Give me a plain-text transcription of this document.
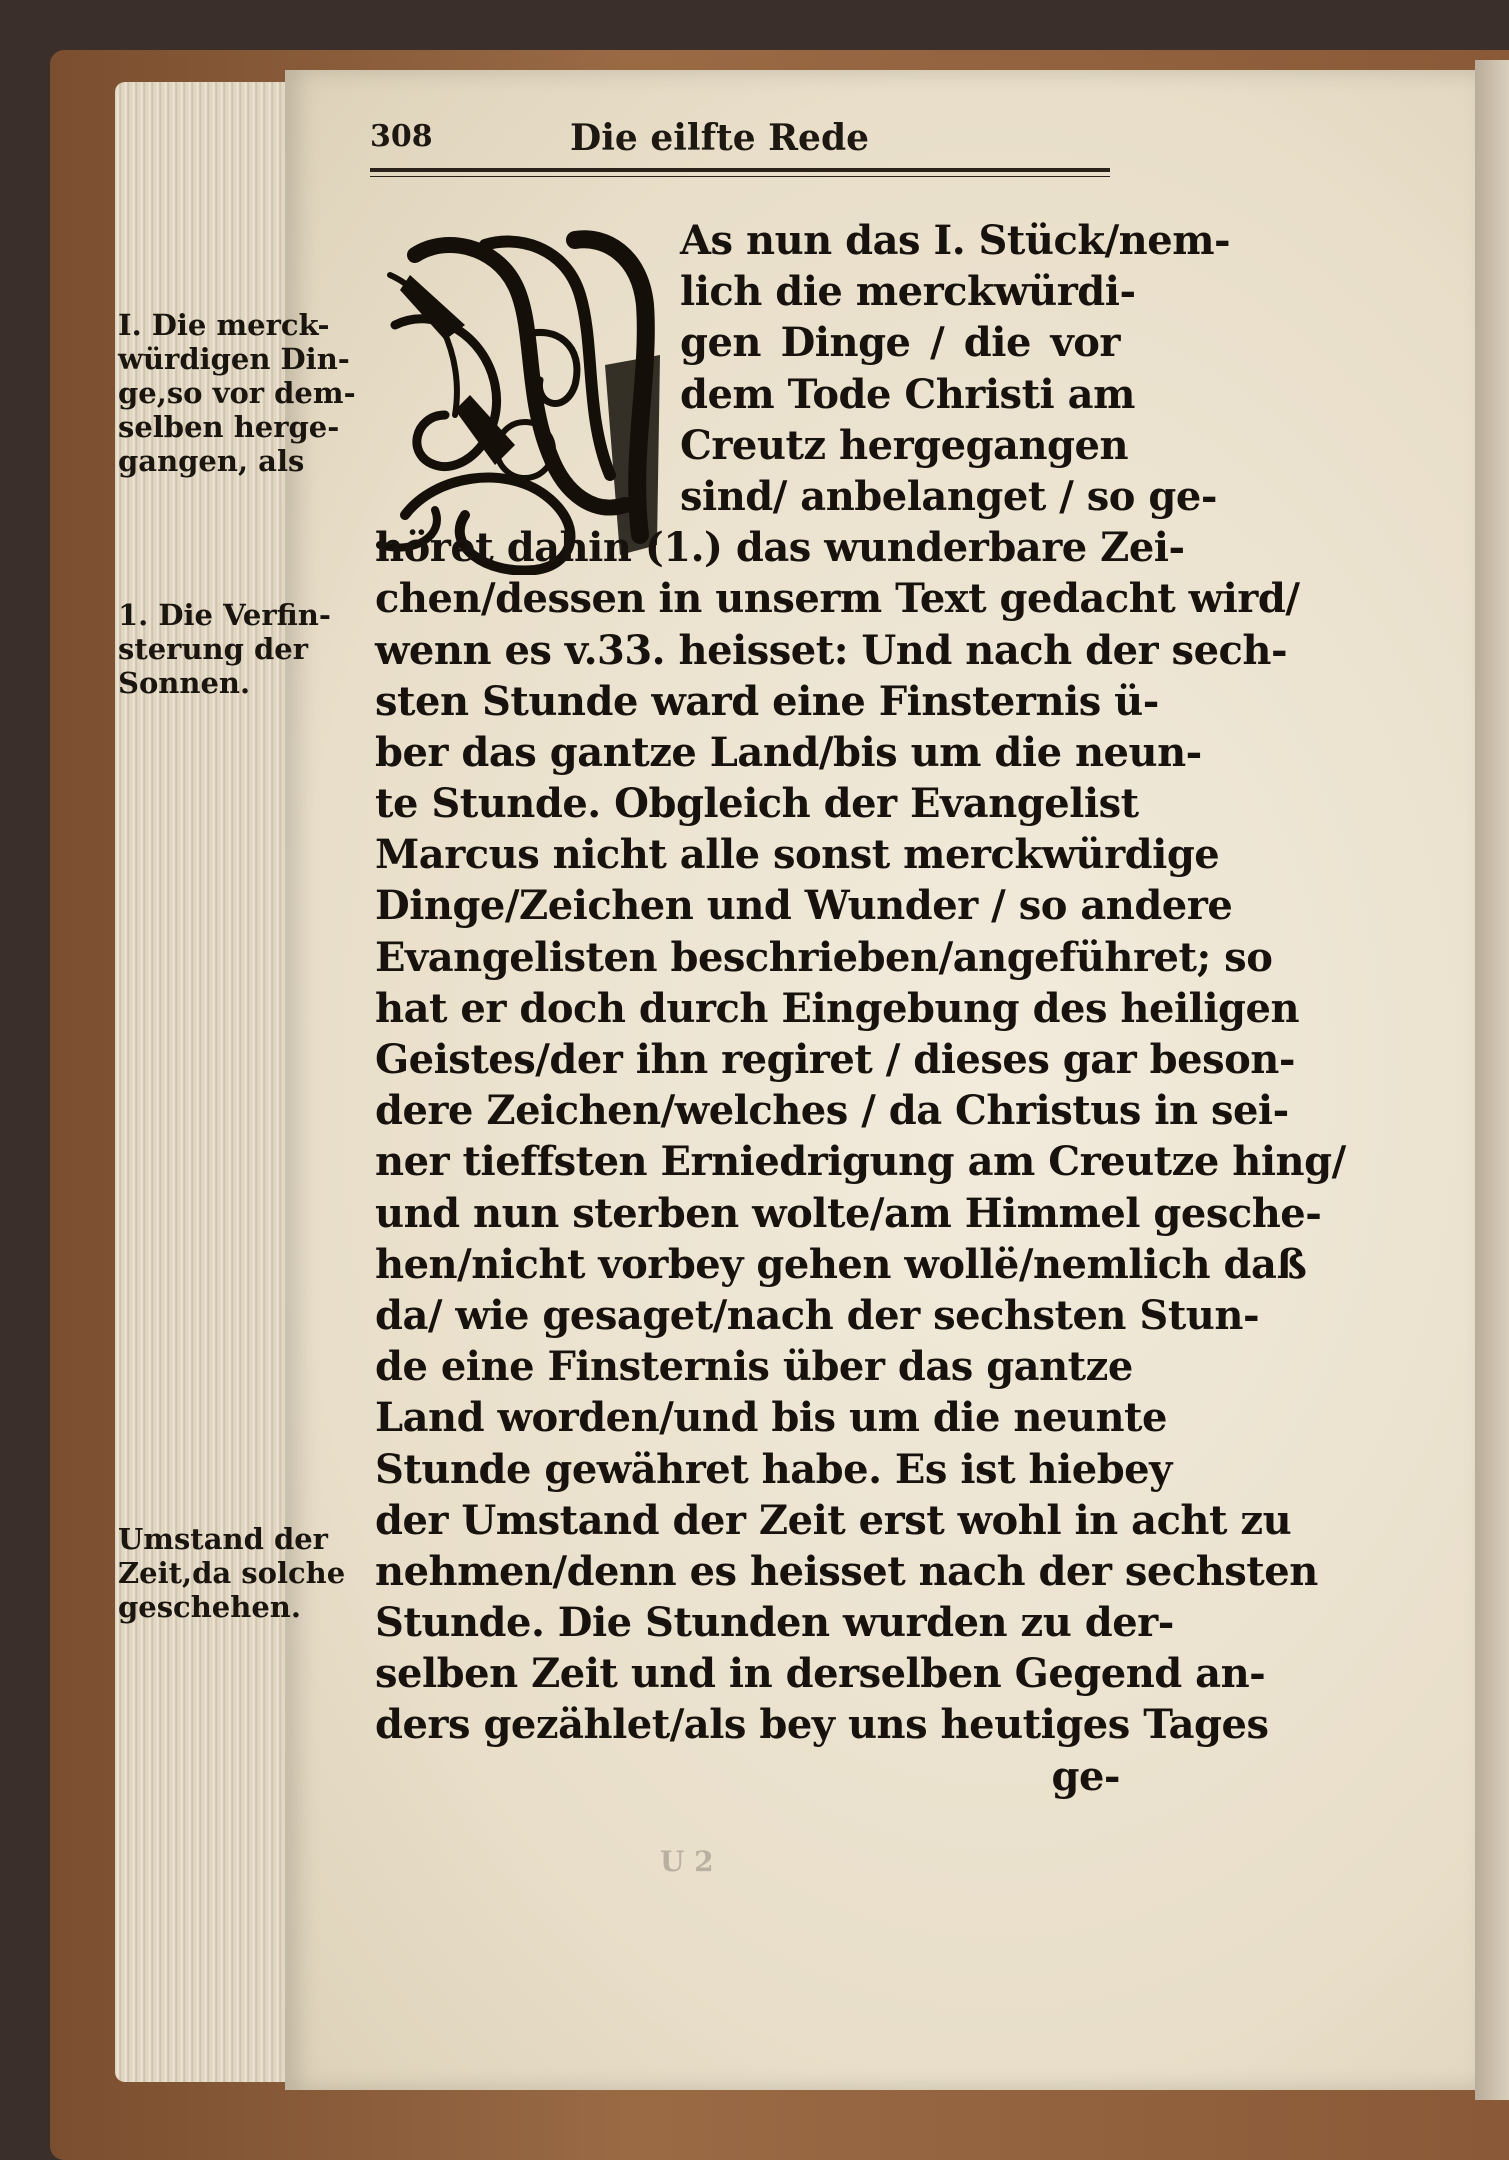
308	Die eilfte Rede
As nun das I. Stück/nem-
lich die merckwürdi-
gen Dinge / die vor
dem Tode Christi am
Creutz hergegangen
sind/ anbelanget / so ge-
höret dahin (1.) das wunderbare Zei-
chen/dessen in unserm Text gedacht wird/
wenn es v.33. heisset: Und nach der sech-
sten Stunde ward eine Finsternis ü-
ber das gantze Land/bis um die neun-
te Stunde. Obgleich der Evangelist
Marcus nicht alle sonst merckwürdige
Dinge/Zeichen und Wunder / so andere
Evangelisten beschrieben/angeführet; so
hat er doch durch Eingebung des heiligen
Geistes/der ihn regiret / dieses gar beson-
dere Zeichen/welches / da Christus in sei-
ner tieffsten Erniedrigung am Creutze hing/
und nun sterben wolte/am Himmel gesche-
hen/nicht vorbey gehen wollë/nemlich daß
da/ wie gesaget/nach der sechsten Stun-
de eine Finsternis über das gantze
Land worden/und bis um die neunte
Stunde gewähret habe. Es ist hiebey
der Umstand der Zeit erst wohl in acht zu
nehmen/denn es heisset nach der sechsten
Stunde. Die Stunden wurden zu der-
selben Zeit und in derselben Gegend an-
ders gezählet/als bey uns heutiges Tages
ge-
I. Die merck-
würdigen Din-
ge,so vor dem-
selben herge-
gangen, als
1. Die Verfin-
sterung der
Sonnen.
Umstand der
Zeit,da solche
geschehen.
U 2
